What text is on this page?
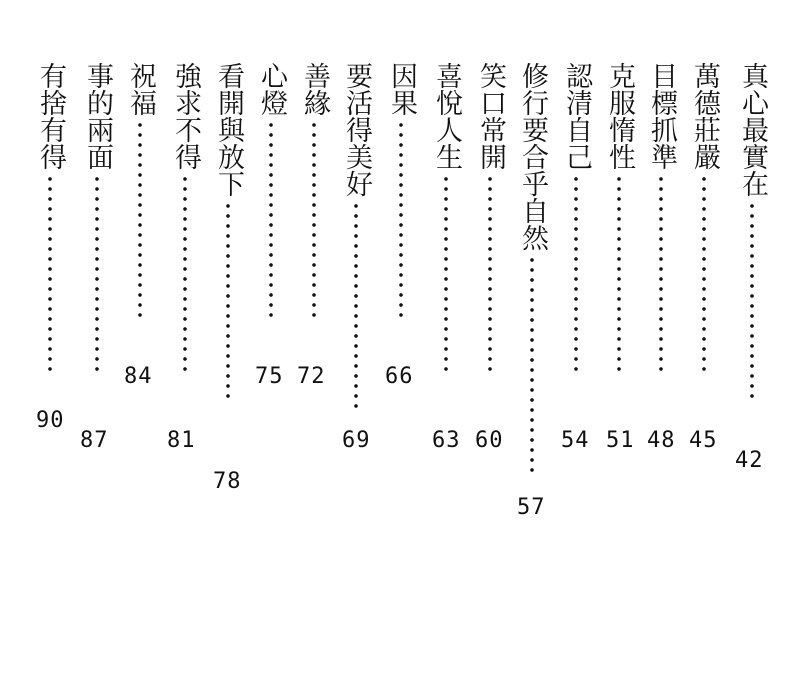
真心最實在
42
萬德莊嚴
45
目標抓準
48
克服惰性
51
認清自己
54
修行要合乎自然
57
笑口常開
60
喜悅人生
63
因果
66
要活得美好
69
善緣
72
心燈
75
看開與放下
78
強求不得
81
祝福
84
事的兩面
87
有捨有得
90
